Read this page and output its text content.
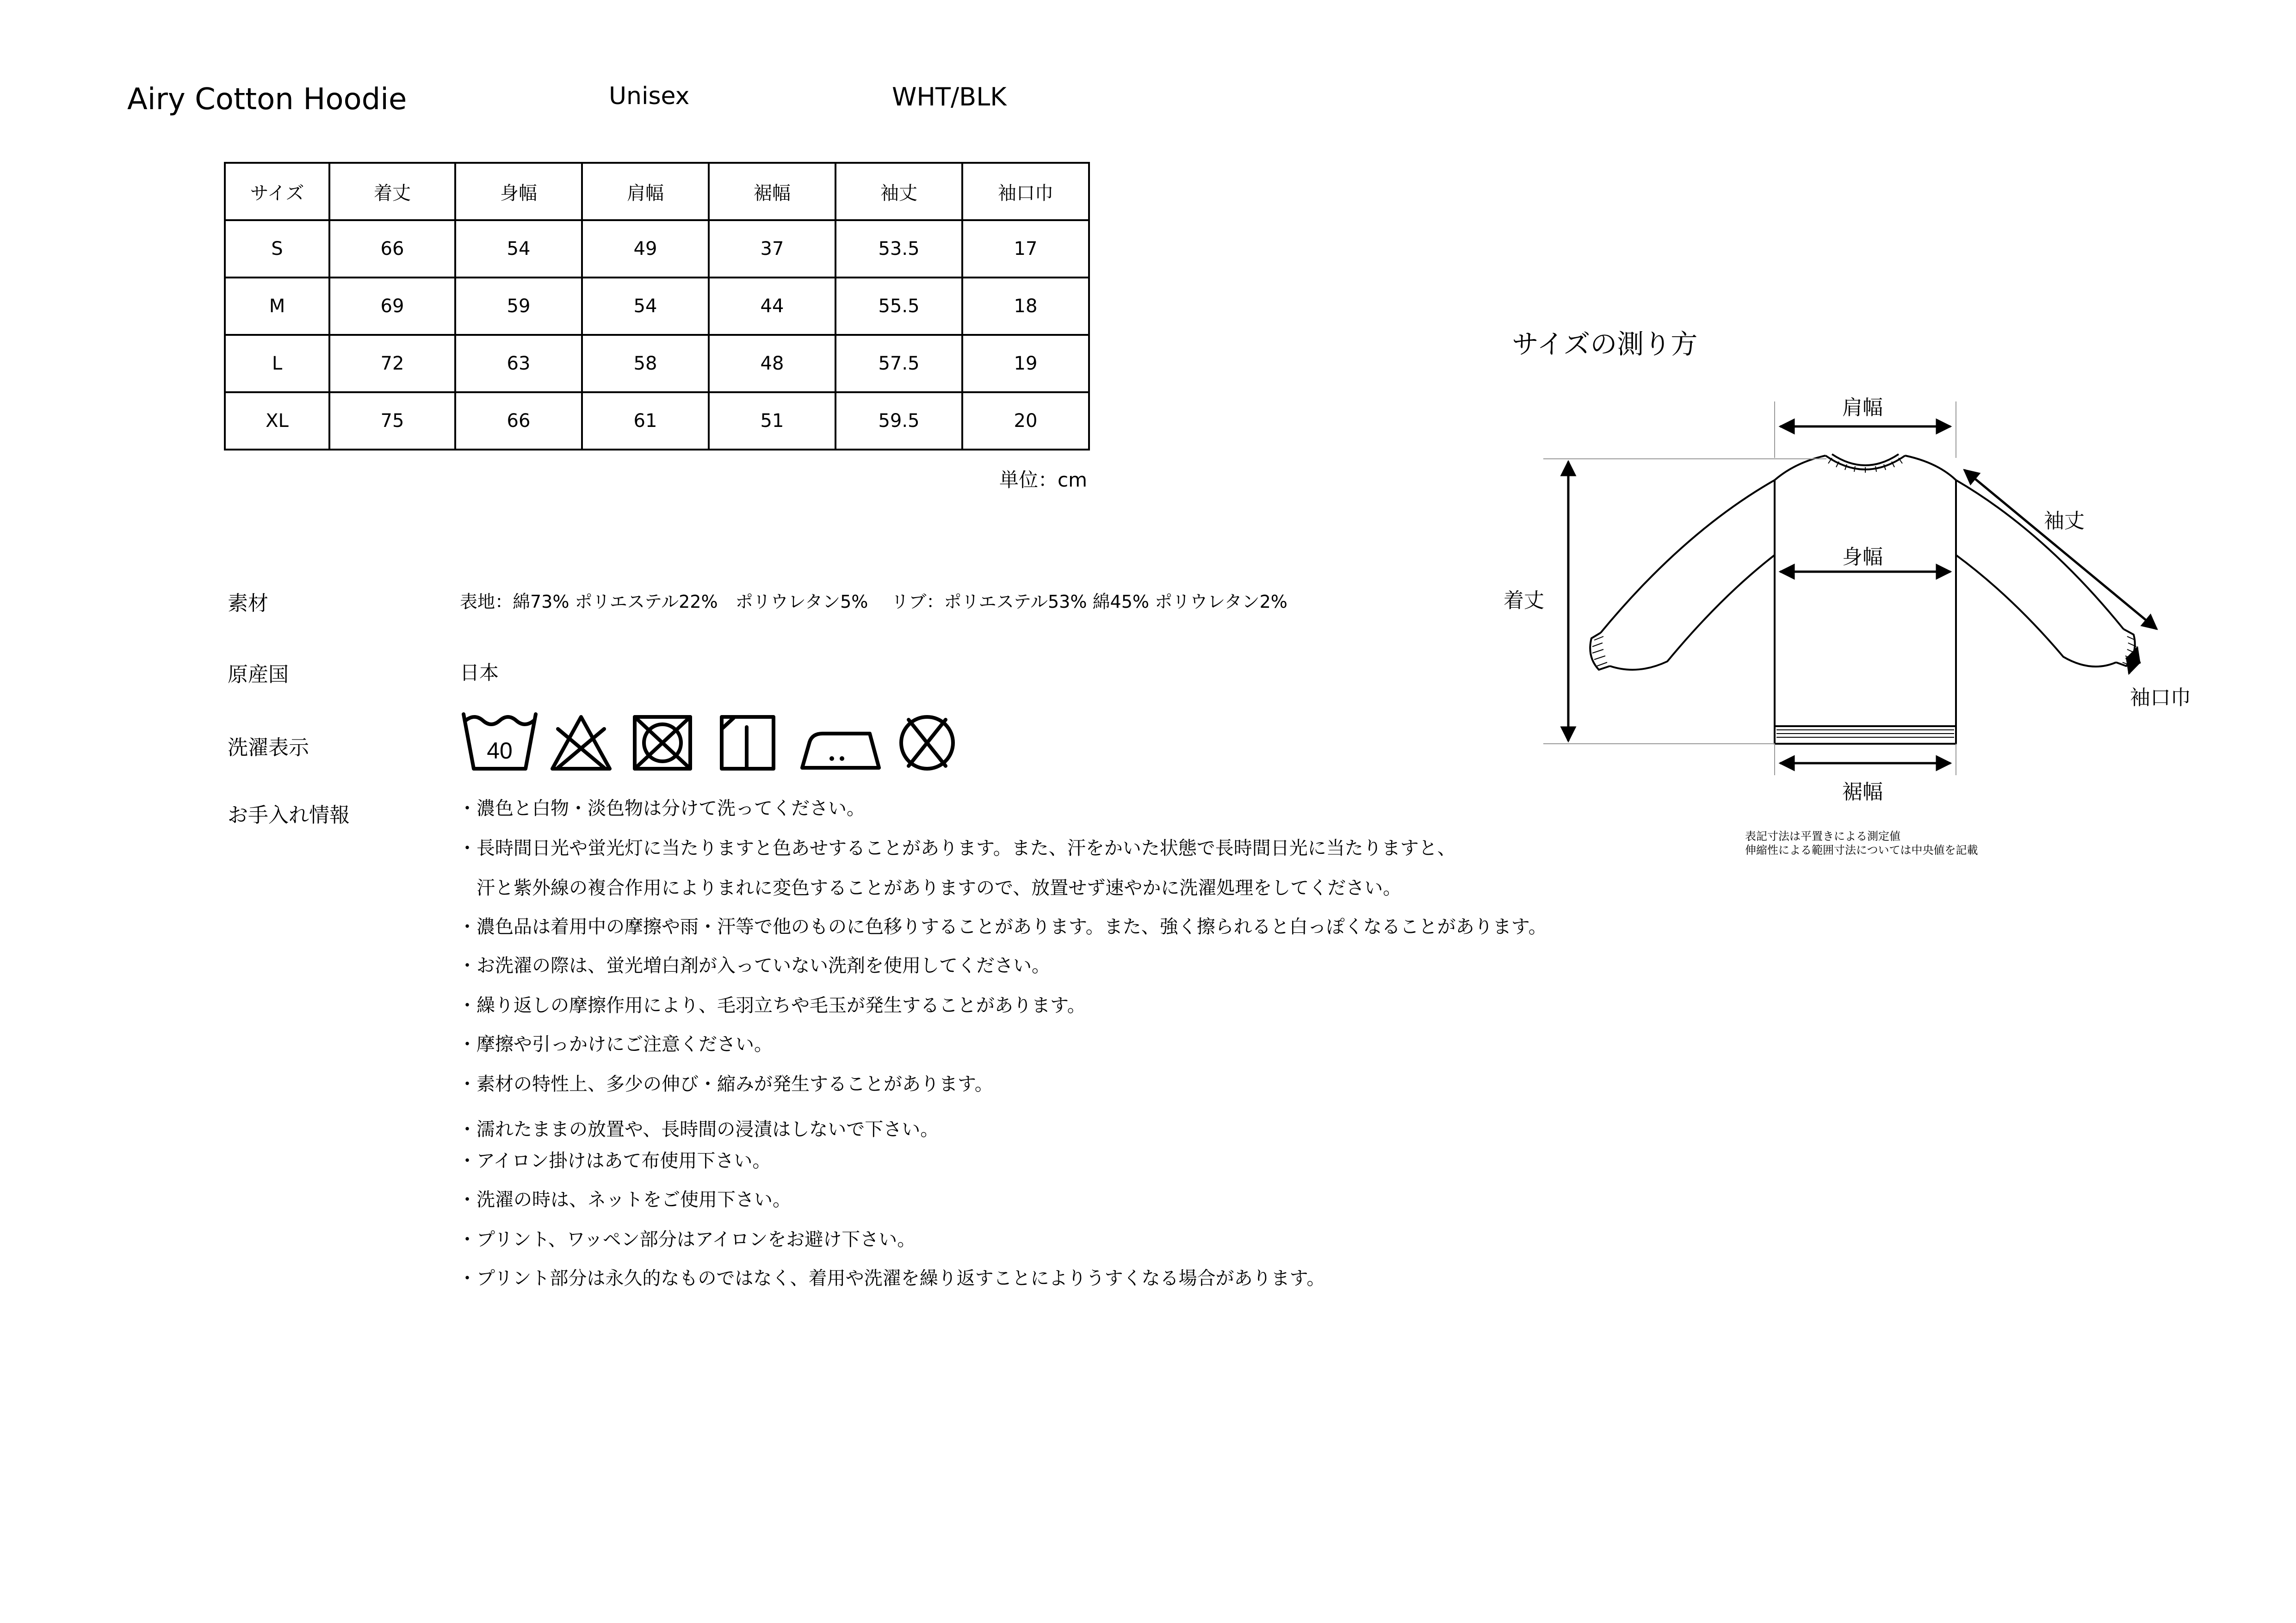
Airy Cotton Hoodie	Unisex	WHT/BLK
サイズ	着丈	身幅	肩幅	裾幅	袖丈	袖口巾
S	66	54	49	37	53.5	17
M	69	59	54	44	55.5	18
L	72	63	58	48	57.5	19
XL	75	66	61	51	59.5	20
単位：cm
素材	表地：綿73% ポリエステル22%　ポリウレタン5%　 リブ：ポリエステル53% 綿45% ポリウレタン2%
原産国	日本
洗濯表示	40
お手入れ情報	・濃色と白物・淡色物は分けて洗ってください。
・長時間日光や蛍光灯に当たりますと色あせすることがあります。また、汗をかいた状態で長時間日光に当たりますと、
　汗と紫外線の複合作用によりまれに変色することがありますので、放置せず速やかに洗濯処理をしてください。
・濃色品は着用中の摩擦や雨・汗等で他のものに色移りすることがあります。また、強く擦られると白っぽくなることがあります。
・お洗濯の際は、蛍光増白剤が入っていない洗剤を使用してください。
・繰り返しの摩擦作用により、毛羽立ちや毛玉が発生することがあります。
・摩擦や引っかけにご注意ください。
・素材の特性上、多少の伸び・縮みが発生することがあります。
・濡れたままの放置や、長時間の浸漬はしないで下さい。
・アイロン掛けはあて布使用下さい。
・洗濯の時は、ネットをご使用下さい。
・プリント、ワッペン部分はアイロンをお避け下さい。
・プリント部分は永久的なものではなく、着用や洗濯を繰り返すことによりうすくなる場合があります。
サイズの測り方
肩幅
袖丈
身幅
着丈
袖口巾
裾幅
表記寸法は平置きによる測定値
伸縮性による範囲寸法については中央値を記載
